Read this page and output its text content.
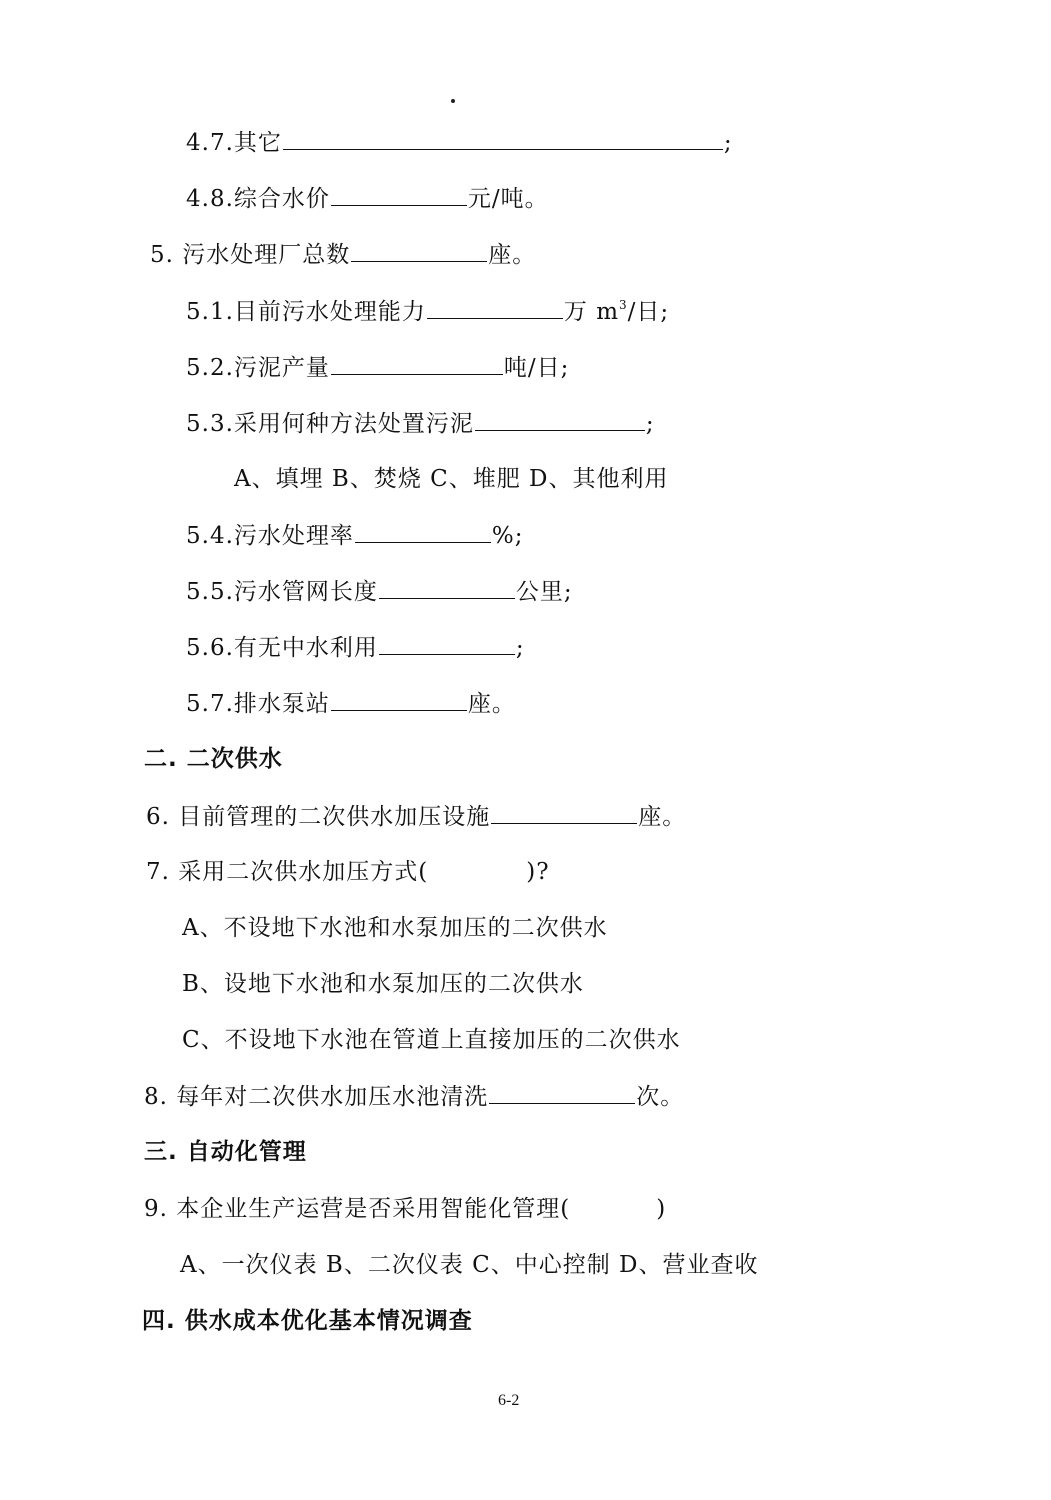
4.7.其它	;
4.8.综合水价	元/吨。
5. 污水处理厂总数	座。
5.1.目前污水处理能力	万 $m^3/$日;
5.2.污泥产量	吨/日;
5.3.采用何种方法处置污泥	;
A、填埋 B、焚烧 C、堆肥 D、其他利用
5.4.污水处理率	%;
5.5.污水管网长度	公里;
5.6.有无中水利用	;
5.7.排水泵站	座。
二. 二次供水
6. 目前管理的二次供水加压设施	座。
7. 采用二次供水加压方式(	)?
A、不设地下水池和水泵加压的二次供水
B、设地下水池和水泵加压的二次供水
C、不设地下水池在管道上直接加压的二次供水
8. 每年对二次供水加压水池清洗	次。
三. 自动化管理
9. 本企业生产运营是否采用智能化管理(	)
A、一次仪表 B、二次仪表 C、中心控制 D、营业查收
四. 供水成本优化基本情况调查
6-2
